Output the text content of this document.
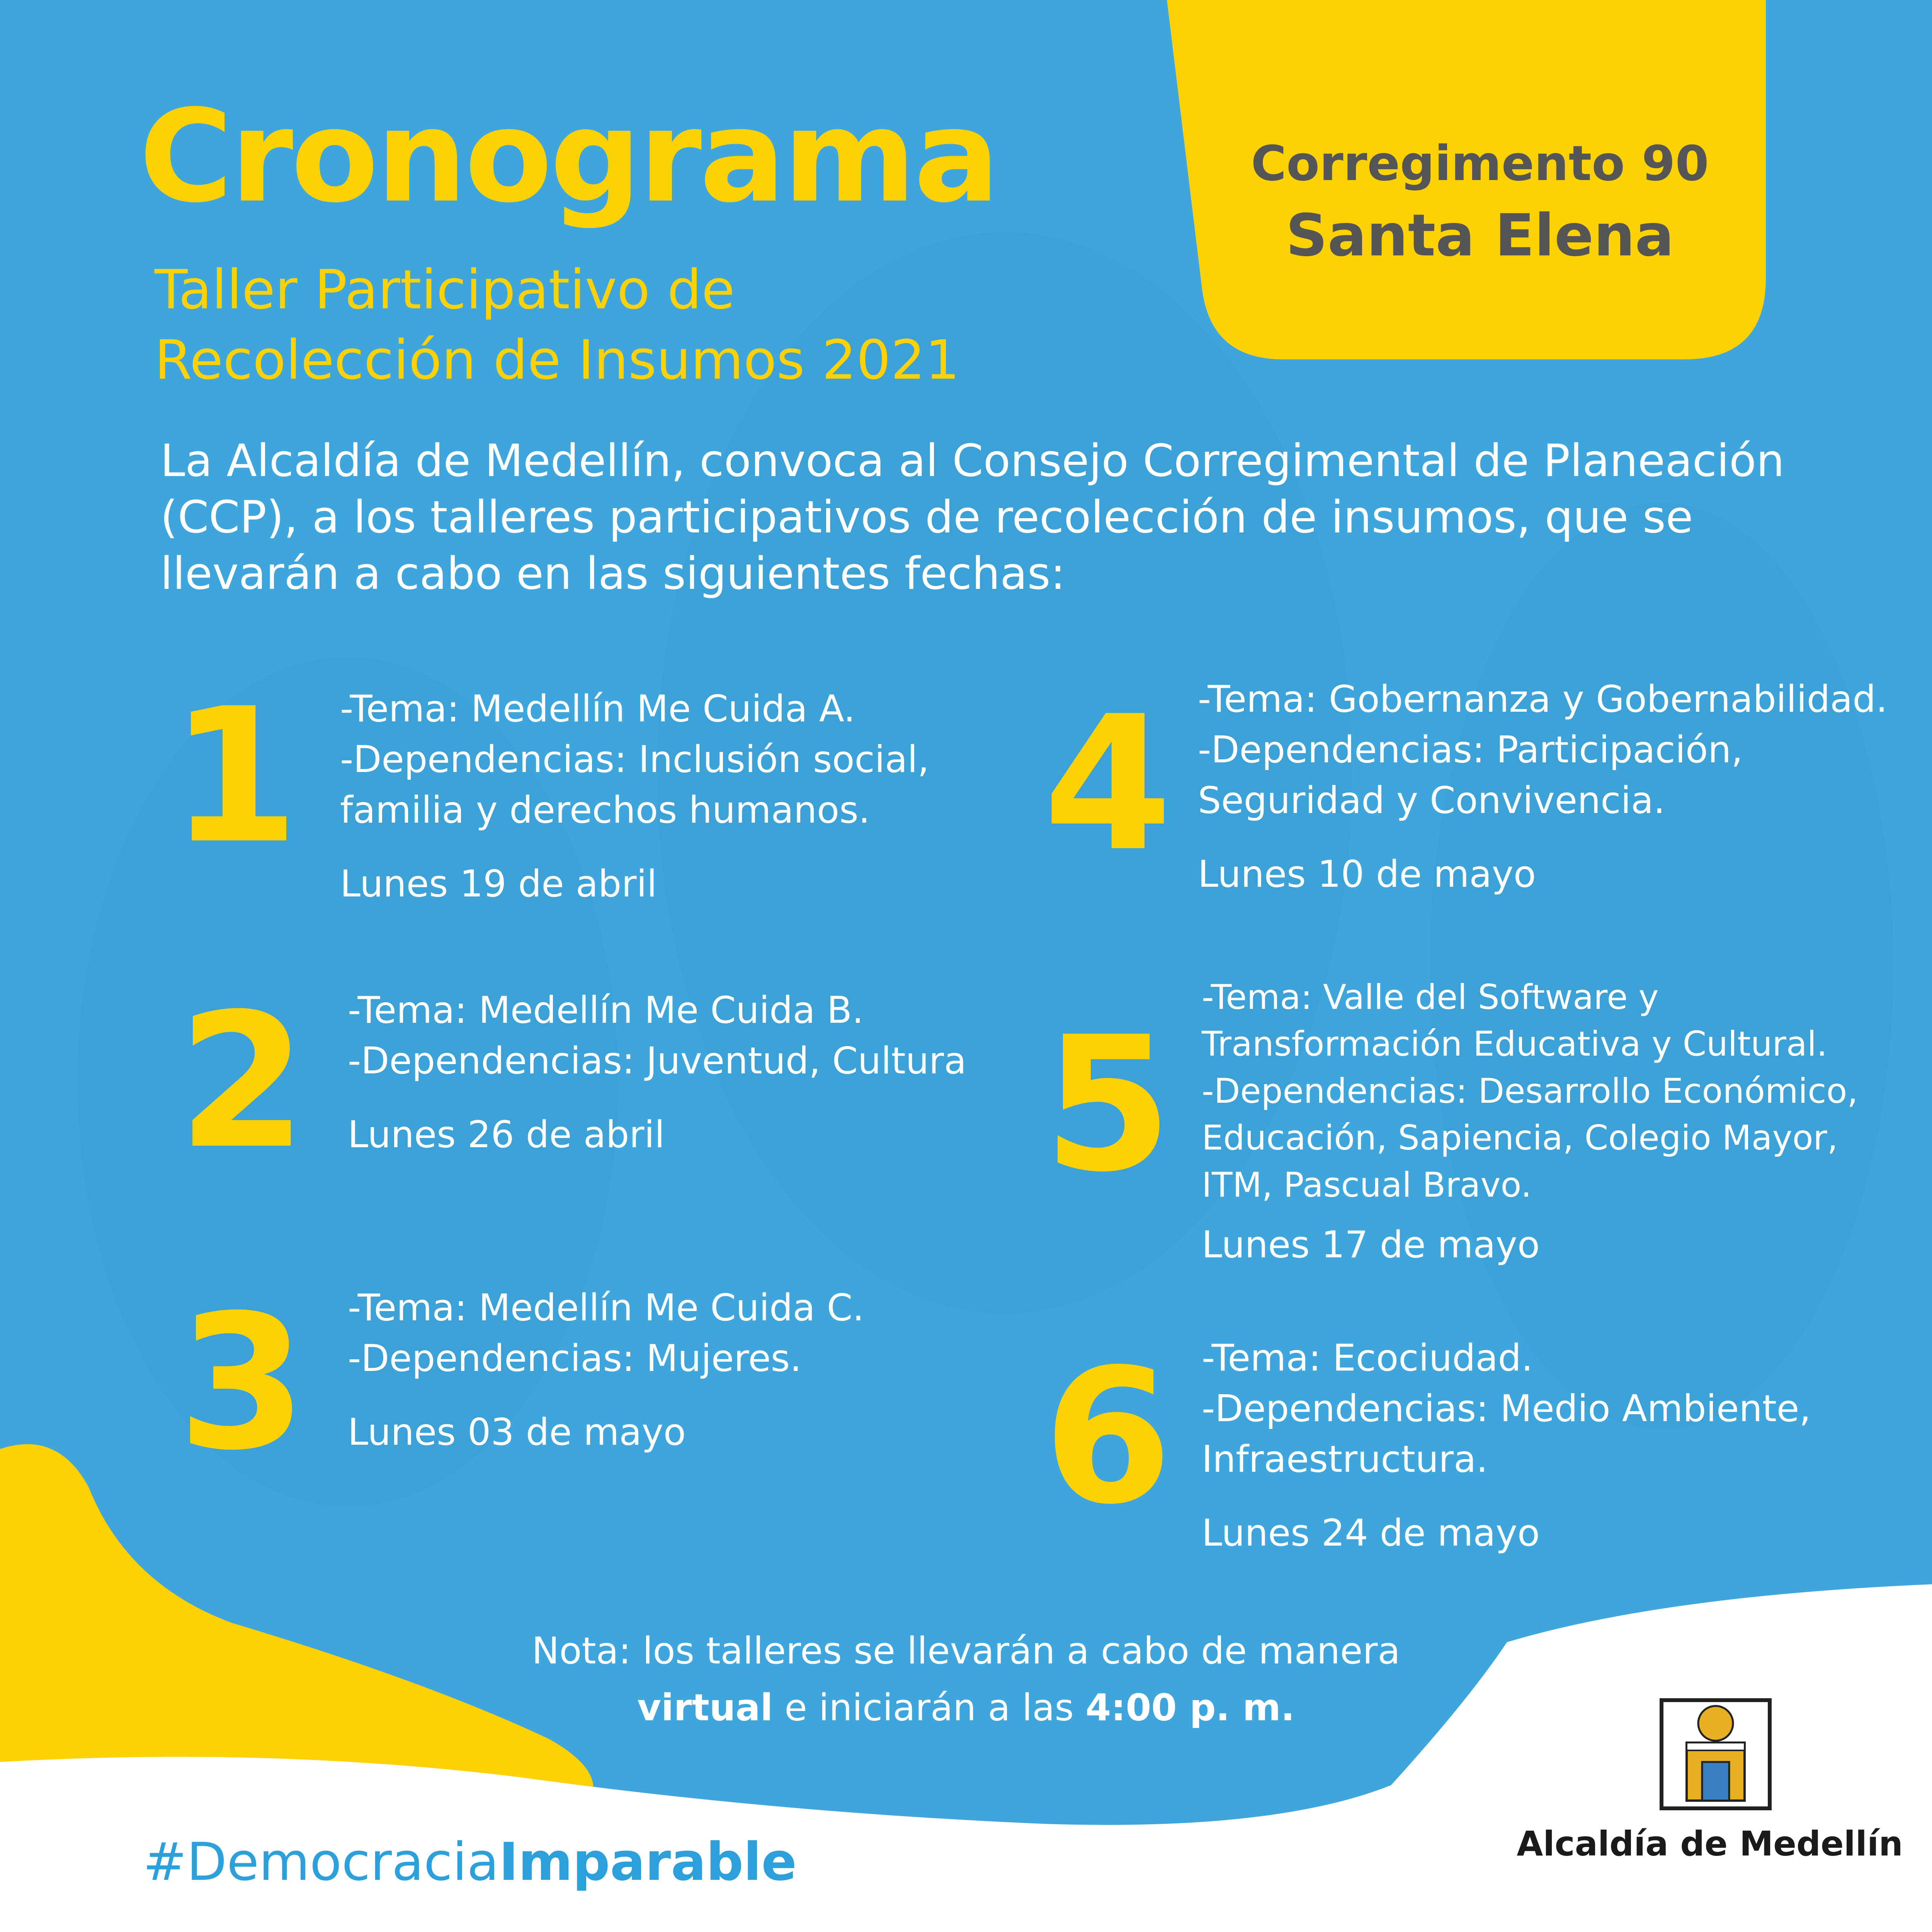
Cronograma
Taller Participativo de
Recolección de Insumos 2021
Corregimento 90
Santa Elena
La Alcaldía de Medellín, convoca al Consejo Corregimental de Planeación (CCP), a los talleres participativos de recolección de insumos, que se llevarán a cabo en las siguientes fechas:
1 -Tema: Medellín Me Cuida A.
-Dependencias: Inclusión social,
familia y derechos humanos.
Lunes 19 de abril
2 -Tema: Medellín Me Cuida B.
-Dependencias: Juventud, Cultura
Lunes 26 de abril
3 -Tema: Medellín Me Cuida C.
-Dependencias: Mujeres.
Lunes 03 de mayo
4 -Tema: Gobernanza y Gobernabilidad.
-Dependencias: Participación,
Seguridad y Convivencia.
Lunes 10 de mayo
5 -Tema: Valle del Software y
Transformación Educativa y Cultural.
-Dependencias: Desarrollo Económico,
Educación, Sapiencia, Colegio Mayor,
ITM, Pascual Bravo.
Lunes 17 de mayo
6 -Tema: Ecociudad.
-Dependencias: Medio Ambiente,
Infraestructura.
Lunes 24 de mayo
Nota: los talleres se llevarán a cabo de manera
virtual e iniciarán a las 4:00 p. m.
#DemocraciaImparable	Alcaldía de Medellín
